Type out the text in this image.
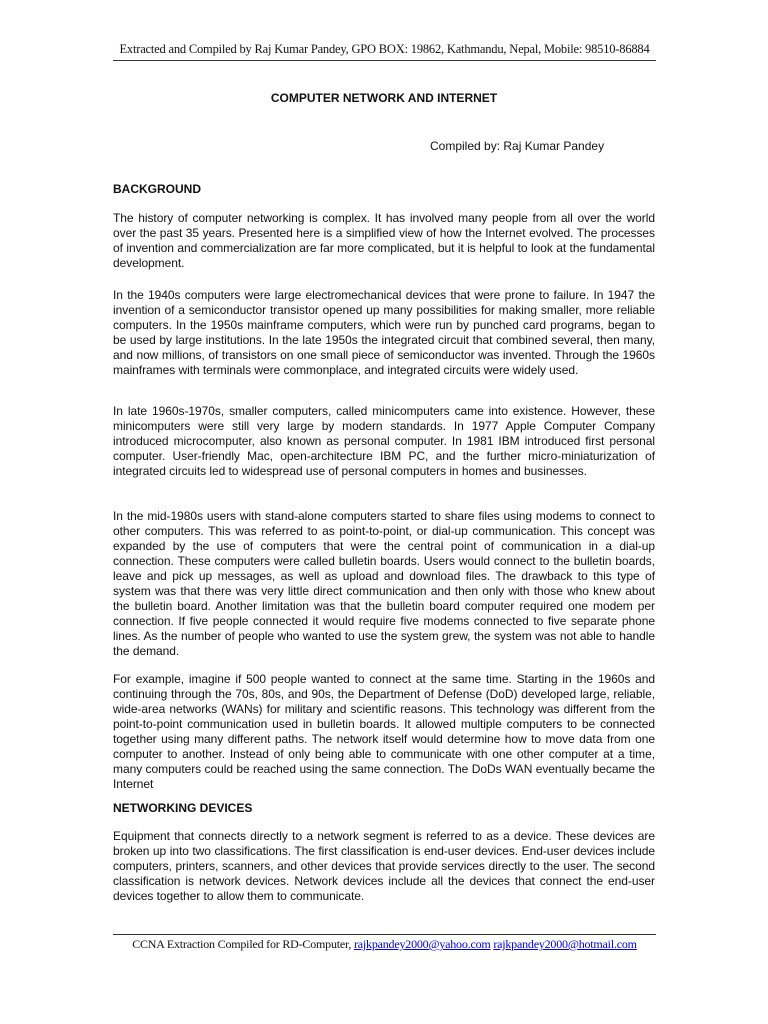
Extracted and Compiled by Raj Kumar Pandey, GPO BOX: 19862, Kathmandu, Nepal, Mobile: 98510-86884
COMPUTER NETWORK AND INTERNET
Compiled by: Raj Kumar Pandey
BACKGROUND
The history of computer networking is complex. It has involved many people from all over the world over the past 35 years. Presented here is a simplified view of how the Internet evolved. The processes of invention and commercialization are far more complicated, but it is helpful to look at the fundamental development.
In the 1940s computers were large electromechanical devices that were prone to failure. In 1947 the invention of a semiconductor transistor opened up many possibilities for making smaller, more reliable computers. In the 1950s mainframe computers, which were run by punched card programs, began to be used by large institutions. In the late 1950s the integrated circuit that combined several, then many, and now millions, of transistors on one small piece of semiconductor was invented. Through the 1960s mainframes with terminals were commonplace, and integrated circuits were widely used.
In late 1960s-1970s, smaller computers, called minicomputers came into existence. However, these minicomputers were still very large by modern standards. In 1977 Apple Computer Company introduced microcomputer, also known as personal computer. In 1981 IBM introduced first personal computer. User-friendly Mac, open-architecture IBM PC, and the further micro-miniaturization of integrated circuits led to widespread use of personal computers in homes and businesses.
In the mid-1980s users with stand-alone computers started to share files using modems to connect to other computers. This was referred to as point-to-point, or dial-up communication. This concept was expanded by the use of computers that were the central point of communication in a dial-up connection. These computers were called bulletin boards. Users would connect to the bulletin boards, leave and pick up messages, as well as upload and download files. The drawback to this type of system was that there was very little direct communication and then only with those who knew about the bulletin board. Another limitation was that the bulletin board computer required one modem per connection. If five people connected it would require five modems connected to five separate phone lines. As the number of people who wanted to use the system grew, the system was not able to handle the demand.
For example, imagine if 500 people wanted to connect at the same time. Starting in the 1960s and continuing through the 70s, 80s, and 90s, the Department of Defense (DoD) developed large, reliable, wide-area networks (WANs) for military and scientific reasons. This technology was different from the point-to-point communication used in bulletin boards. It allowed multiple computers to be connected together using many different paths. The network itself would determine how to move data from one computer to another. Instead of only being able to communicate with one other computer at a time, many computers could be reached using the same connection. The DoDs WAN eventually became the Internet
NETWORKING DEVICES
Equipment that connects directly to a network segment is referred to as a device. These devices are broken up into two classifications. The first classification is end-user devices. End-user devices include computers, printers, scanners, and other devices that provide services directly to the user. The second classification is network devices. Network devices include all the devices that connect the end-user devices together to allow them to communicate.
CCNA Extraction Compiled for RD-Computer, rajkpandey2000@yahoo.com rajkpandey2000@hotmail.com
